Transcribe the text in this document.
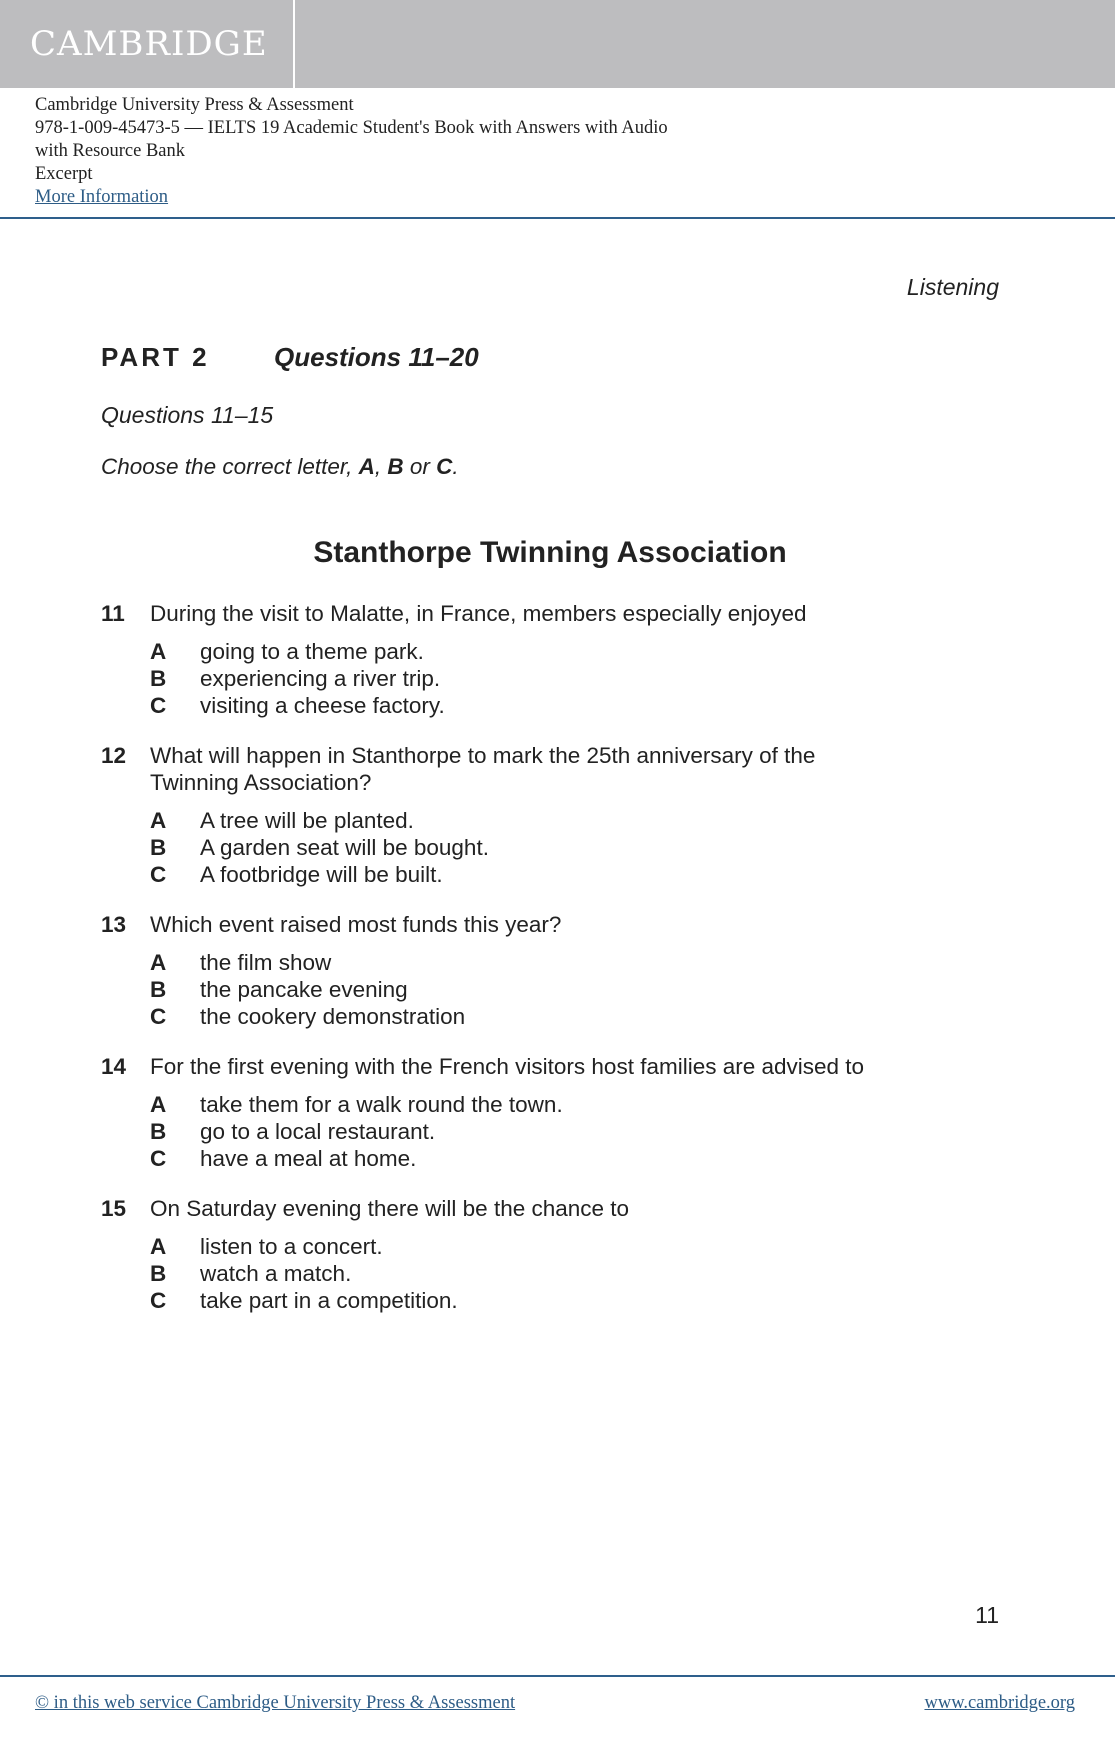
CAMBRIDGE
Cambridge University Press & Assessment
978-1-009-45473-5 — IELTS 19 Academic Student's Book with Answers with Audio
with Resource Bank
Excerpt
More Information
Listening
PART 2 Questions 11–20
Questions 11–15
Choose the correct letter, A, B or C.
Stanthorpe Twinning Association
11	During the visit to Malatte, in France, members especially enjoyed
A	going to a theme park.
B	experiencing a river trip.
C	visiting a cheese factory.
12	What will happen in Stanthorpe to mark the 25th anniversary of the
Twinning Association?
A	A tree will be planted.
B	A garden seat will be bought.
C	A footbridge will be built.
13	Which event raised most funds this year?
A	the film show
B	the pancake evening
C	the cookery demonstration
14	For the first evening with the French visitors host families are advised to
A	take them for a walk round the town.
B	go to a local restaurant.
C	have a meal at home.
15	On Saturday evening there will be the chance to
A	listen to a concert.
B	watch a match.
C	take part in a competition.
11
© in this web service Cambridge University Press & Assessment	www.cambridge.org
